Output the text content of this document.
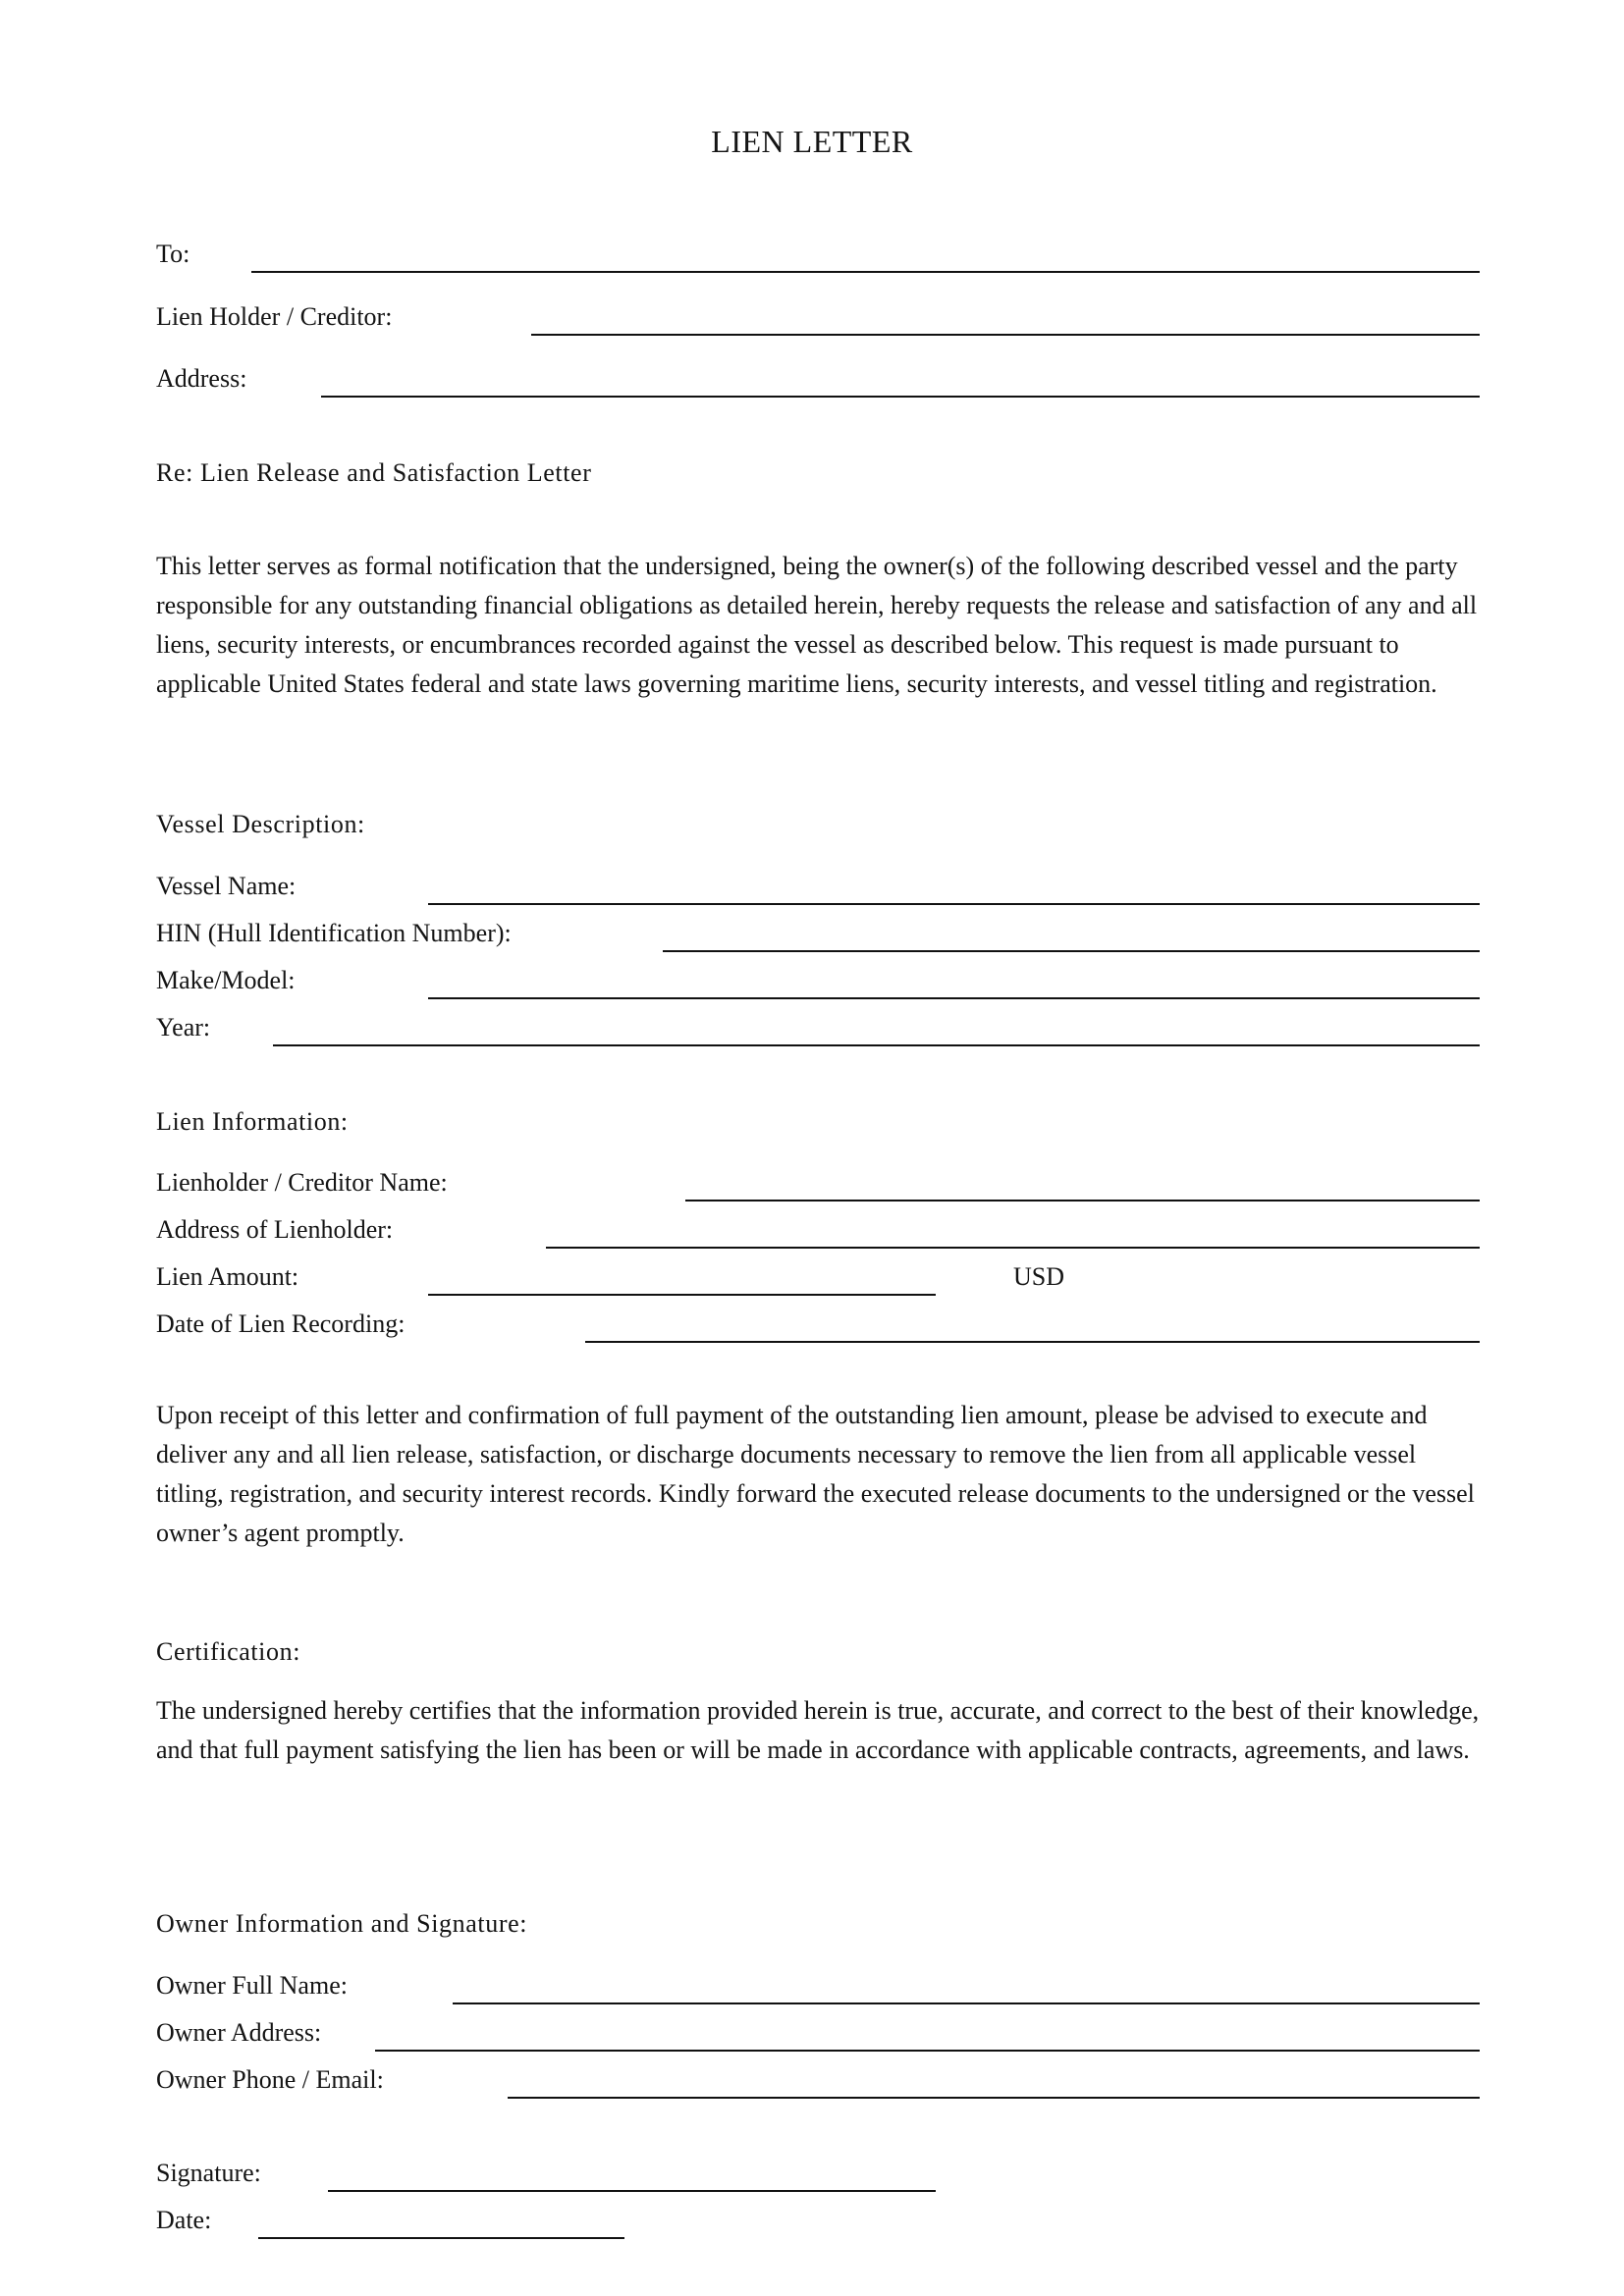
LIEN LETTER
To:
Lien Holder / Creditor:
Address:
Re: Lien Release and Satisfaction Letter

This letter serves as formal notification that the undersigned, being the owner(s) of the following described vessel and the party responsible for any outstanding financial obligations as detailed herein, hereby requests the release and satisfaction of any and all liens, security interests, or encumbrances recorded against the vessel as described below. This request is made pursuant to applicable United States federal and state laws governing maritime liens, security interests, and vessel titling and registration.

Vessel Description:
Vessel Name:
HIN (Hull Identification Number):
Make/Model:
Year:
Lien Information:
Lienholder / Creditor Name:
Address of Lienholder:
Lien Amount:	USD
Date of Lien Recording:

Upon receipt of this letter and confirmation of full payment of the outstanding lien amount, please be advised to execute and deliver any and all lien release, satisfaction, or discharge documents necessary to remove the lien from all applicable vessel titling, registration, and security interest records. Kindly forward the executed release documents to the undersigned or the vessel owner’s agent promptly.

Certification:

The undersigned hereby certifies that the information provided herein is true, accurate, and correct to the best of their knowledge, and that full payment satisfying the lien has been or will be made in accordance with applicable contracts, agreements, and laws.

Owner Information and Signature:
Owner Full Name:
Owner Address:
Owner Phone / Email:
Signature:
Date:
